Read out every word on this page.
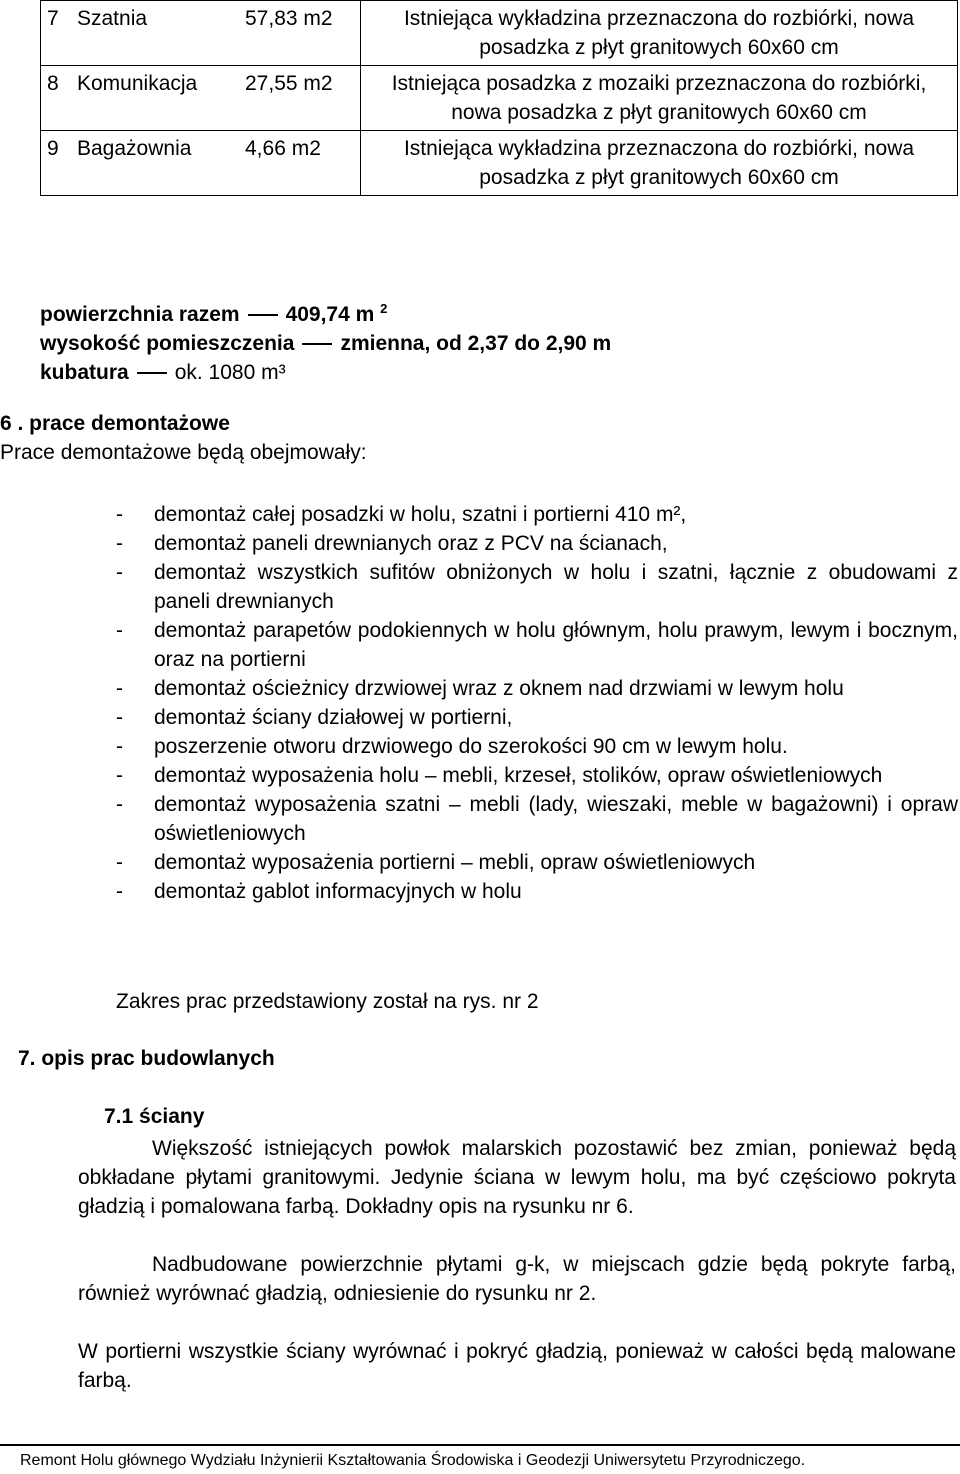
7	Szatnia	57,83 m2	Istniejąca wykładzina przeznaczona do rozbiórki, nowa posadzka z płyt granitowych 60x60 cm
8	Komunikacja	27,55 m2	Istniejąca posadzka z mozaiki przeznaczona do rozbiórki, nowa posadzka z płyt granitowych 60x60 cm
9	Bagażownia	4,66 m2	Istniejąca wykładzina przeznaczona do rozbiórki, nowa posadzka z płyt granitowych 60x60 cm
powierzchnia razem 409,74 m $^2$
wysokość pomieszczenia zmienna, od 2,37 do 2,90 m
kubatura ok. 1080 m³
6 . prace demontażowe
Prace demontażowe będą obejmowały:
- demontaż całej posadzki w holu, szatni i portierni 410 m²,
- demontaż paneli drewnianych oraz z PCV na ścianach,
- demontaż wszystkich sufitów obniżonych w holu i szatni, łącznie z obudowami z paneli drewnianych
- demontaż parapetów podokiennych w holu głównym, holu prawym, lewym i bocznym, oraz na portierni
- demontaż ościeżnicy drzwiowej wraz z oknem nad drzwiami w lewym holu
- demontaż ściany działowej w portierni,
- poszerzenie otworu drzwiowego do szerokości 90 cm w lewym holu.
- demontaż wyposażenia holu – mebli, krzeseł, stolików, opraw oświetleniowych
- demontaż wyposażenia szatni – mebli (lady, wieszaki, meble w bagażowni) i opraw oświetleniowych
- demontaż wyposażenia portierni – mebli, opraw oświetleniowych
- demontaż gablot informacyjnych w holu
Zakres prac przedstawiony został na rys. nr 2
7. opis prac budowlanych
7.1 ściany

Większość istniejących powłok malarskich pozostawić bez zmian, ponieważ będą obkładane płytami granitowymi. Jedynie ściana w lewym holu, ma być częściowo pokryta gładzią i pomalowana farbą. Dokładny opis na rysunku nr 6.

Nadbudowane powierzchnie płytami g-k, w miejscach gdzie będą pokryte farbą, również wyrównać gładzią, odniesienie do rysunku nr 2.

W portierni wszystkie ściany wyrównać i pokryć gładzią, ponieważ w całości będą malowane farbą.

Remont Holu głównego Wydziału Inżynierii Kształtowania Środowiska i Geodezji Uniwersytetu Przyrodniczego.
